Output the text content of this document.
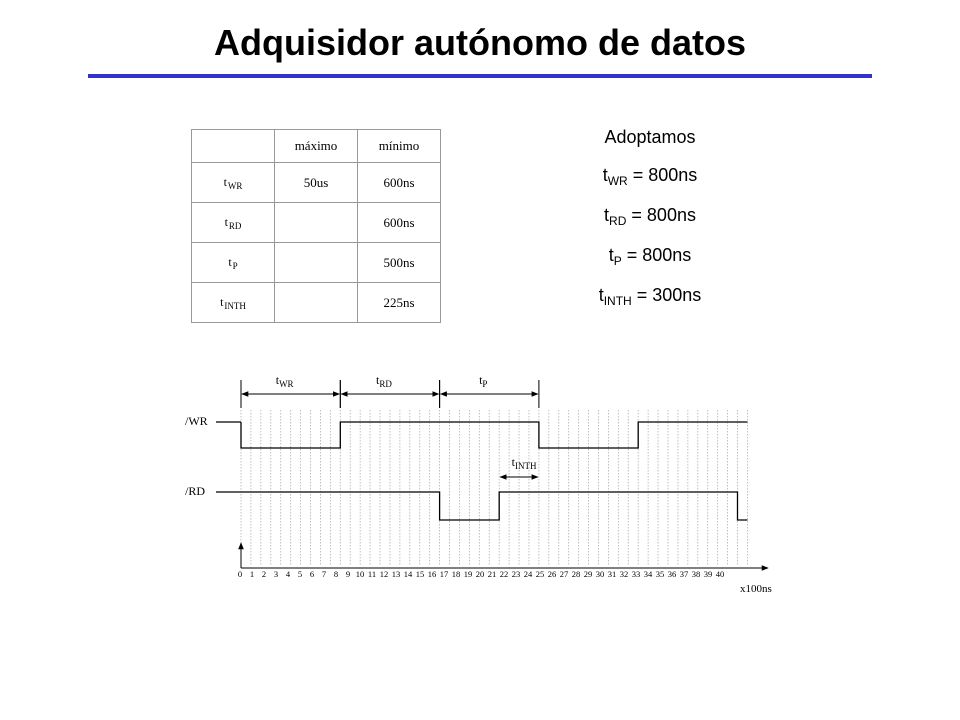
Adquisidor autónomo de datos
	máximo	mínimo
$t_{WR}$	50us	600ns
$t_{RD}$		600ns
$t_P$		500ns
$t_{INTH}$		225ns
Adoptamos
$t_{WR} = 800ns$
$t_{RD} = 800ns$
$t_P = 800ns$
$t_{INTH} = 300ns$
/WR
/RD
$t_{WR}$	$t_{RD}$	$t_P$
$t_{INTH}$
0 1 2 3 4 5 6 7 8 9 10 11 12 13 14 15 16 17 18 19 20 21 22 23 24 25 26 27 28 29 30 31 32 33 34 35 36 37 38 39 40
x100ns
